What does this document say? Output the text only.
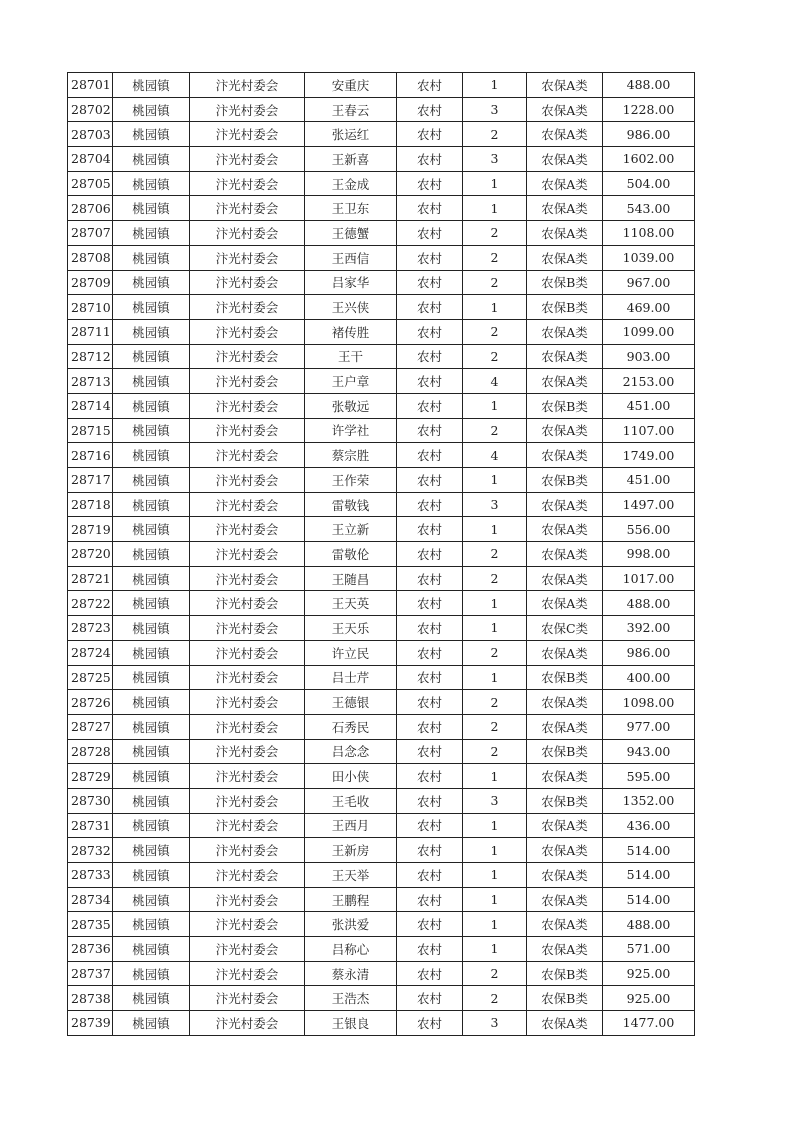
28701	桃园镇	汴光村委会	安重庆	农村	1	农保A类	488.00
28702	桃园镇	汴光村委会	王春云	农村	3	农保A类	1228.00
28703	桃园镇	汴光村委会	张运红	农村	2	农保A类	986.00
28704	桃园镇	汴光村委会	王新喜	农村	3	农保A类	1602.00
28705	桃园镇	汴光村委会	王金成	农村	1	农保A类	504.00
28706	桃园镇	汴光村委会	王卫东	农村	1	农保A类	543.00
28707	桃园镇	汴光村委会	王德蟹	农村	2	农保A类	1108.00
28708	桃园镇	汴光村委会	王西信	农村	2	农保A类	1039.00
28709	桃园镇	汴光村委会	吕家华	农村	2	农保B类	967.00
28710	桃园镇	汴光村委会	王兴侠	农村	1	农保B类	469.00
28711	桃园镇	汴光村委会	褚传胜	农村	2	农保A类	1099.00
28712	桃园镇	汴光村委会	王干	农村	2	农保A类	903.00
28713	桃园镇	汴光村委会	王户章	农村	4	农保A类	2153.00
28714	桃园镇	汴光村委会	张敬远	农村	1	农保B类	451.00
28715	桃园镇	汴光村委会	许学社	农村	2	农保A类	1107.00
28716	桃园镇	汴光村委会	蔡宗胜	农村	4	农保A类	1749.00
28717	桃园镇	汴光村委会	王作荣	农村	1	农保B类	451.00
28718	桃园镇	汴光村委会	雷敬钱	农村	3	农保A类	1497.00
28719	桃园镇	汴光村委会	王立新	农村	1	农保A类	556.00
28720	桃园镇	汴光村委会	雷敬伦	农村	2	农保A类	998.00
28721	桃园镇	汴光村委会	王随昌	农村	2	农保A类	1017.00
28722	桃园镇	汴光村委会	王天英	农村	1	农保A类	488.00
28723	桃园镇	汴光村委会	王天乐	农村	1	农保C类	392.00
28724	桃园镇	汴光村委会	许立民	农村	2	农保A类	986.00
28725	桃园镇	汴光村委会	吕士芹	农村	1	农保B类	400.00
28726	桃园镇	汴光村委会	王德银	农村	2	农保A类	1098.00
28727	桃园镇	汴光村委会	石秀民	农村	2	农保A类	977.00
28728	桃园镇	汴光村委会	吕念念	农村	2	农保B类	943.00
28729	桃园镇	汴光村委会	田小侠	农村	1	农保A类	595.00
28730	桃园镇	汴光村委会	王毛收	农村	3	农保B类	1352.00
28731	桃园镇	汴光村委会	王西月	农村	1	农保A类	436.00
28732	桃园镇	汴光村委会	王新房	农村	1	农保A类	514.00
28733	桃园镇	汴光村委会	王天举	农村	1	农保A类	514.00
28734	桃园镇	汴光村委会	王鹏程	农村	1	农保A类	514.00
28735	桃园镇	汴光村委会	张洪爱	农村	1	农保A类	488.00
28736	桃园镇	汴光村委会	吕称心	农村	1	农保A类	571.00
28737	桃园镇	汴光村委会	蔡永清	农村	2	农保B类	925.00
28738	桃园镇	汴光村委会	王浩杰	农村	2	农保B类	925.00
28739	桃园镇	汴光村委会	王银良	农村	3	农保A类	1477.00
